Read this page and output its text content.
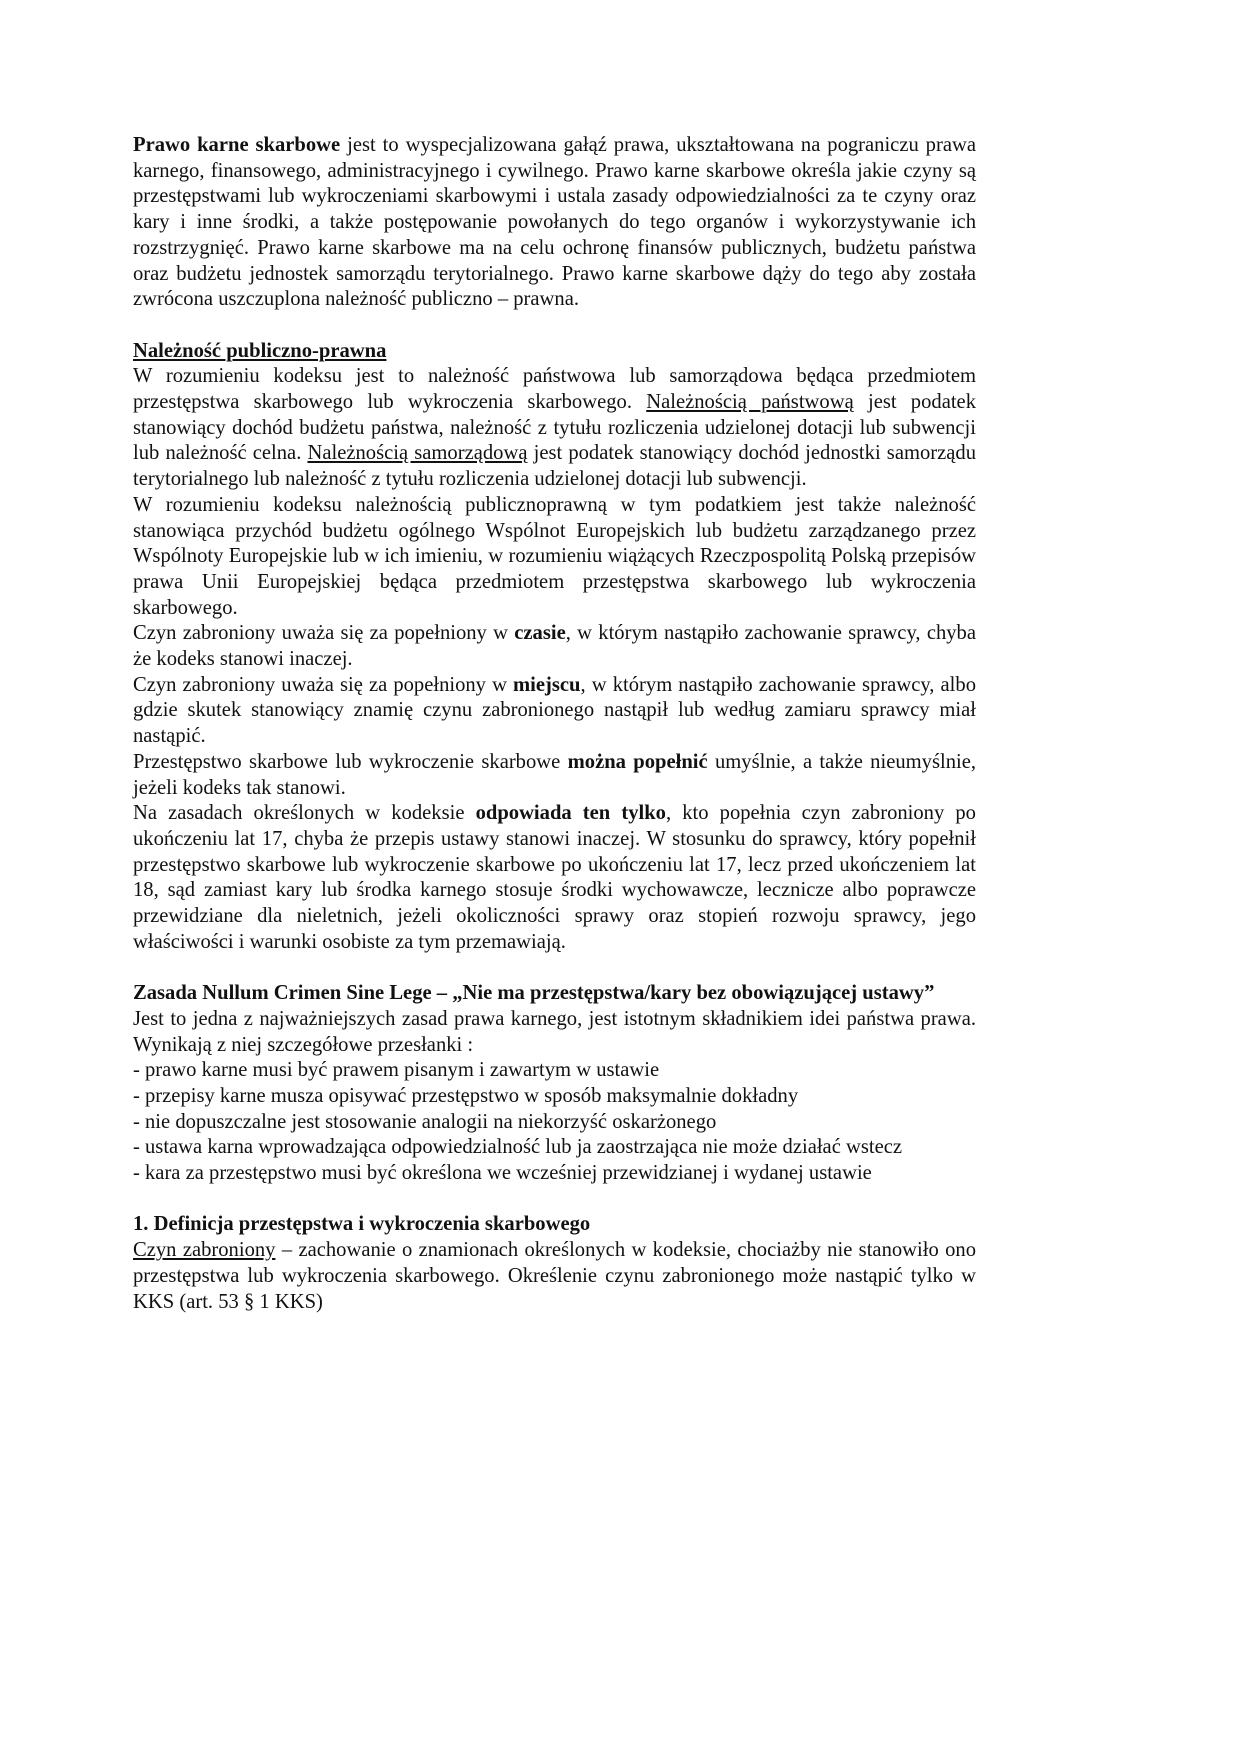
Prawo karne skarbowe jest to wyspecjalizowana gałąź prawa, ukształtowana na pograniczu prawa karnego, finansowego, administracyjnego i cywilnego. Prawo karne skarbowe określa jakie czyny są przestępstwami lub wykroczeniami skarbowymi i ustala zasady odpowiedzialności za te czyny oraz kary i inne środki, a także postępowanie powołanych do tego organów i wykorzystywanie ich rozstrzygnięć. Prawo karne skarbowe ma na celu ochronę finansów publicznych, budżetu państwa oraz budżetu jednostek samorządu terytorialnego. Prawo karne skarbowe dąży do tego aby została zwrócona uszczuplona należność publiczno – prawna.

Należność publiczno-prawna

W rozumieniu kodeksu jest to należność państwowa lub samorządowa będąca przedmiotem przestępstwa skarbowego lub wykroczenia skarbowego. Należnością państwową jest podatek stanowiący dochód budżetu państwa, należność z tytułu rozliczenia udzielonej dotacji lub subwencji lub należność celna. Należnością samorządową jest podatek stanowiący dochód jednostki samorządu terytorialnego lub należność z tytułu rozliczenia udzielonej dotacji lub subwencji.

W rozumieniu kodeksu należnością publicznoprawną w tym podatkiem jest także należność stanowiąca przychód budżetu ogólnego Wspólnot Europejskich lub budżetu zarządzanego przez Wspólnoty Europejskie lub w ich imieniu, w rozumieniu wiążących Rzeczpospolitą Polską przepisów prawa Unii Europejskiej będąca przedmiotem przestępstwa skarbowego lub wykroczenia skarbowego.

Czyn zabroniony uważa się za popełniony w czasie, w którym nastąpiło zachowanie sprawcy, chyba że kodeks stanowi inaczej.

Czyn zabroniony uważa się za popełniony w miejscu, w którym nastąpiło zachowanie sprawcy, albo gdzie skutek stanowiący znamię czynu zabronionego nastąpił lub według zamiaru sprawcy miał nastąpić.

Przestępstwo skarbowe lub wykroczenie skarbowe można popełnić umyślnie, a także nieumyślnie, jeżeli kodeks tak stanowi.

Na zasadach określonych w kodeksie odpowiada ten tylko, kto popełnia czyn zabroniony po ukończeniu lat 17, chyba że przepis ustawy stanowi inaczej. W stosunku do sprawcy, który popełnił przestępstwo skarbowe lub wykroczenie skarbowe po ukończeniu lat 17, lecz przed ukończeniem lat 18, sąd zamiast kary lub środka karnego stosuje środki wychowawcze, lecznicze albo poprawcze przewidziane dla nieletnich, jeżeli okoliczności sprawy oraz stopień rozwoju sprawcy, jego właściwości i warunki osobiste za tym przemawiają.

Zasada Nullum Crimen Sine Lege – „Nie ma przestępstwa/kary bez obowiązującej ustawy”

Jest to jedna z najważniejszych zasad prawa karnego, jest istotnym składnikiem idei państwa prawa. Wynikają z niej szczegółowe przesłanki :

- prawo karne musi być prawem pisanym i zawartym w ustawie

- przepisy karne musza opisywać przestępstwo w sposób maksymalnie dokładny

- nie dopuszczalne jest stosowanie analogii na niekorzyść oskarżonego

- ustawa karna wprowadzająca odpowiedzialność lub ja zaostrzająca nie może działać wstecz

- kara za przestępstwo musi być określona we wcześniej przewidzianej i wydanej ustawie

1. Definicja przestępstwa i wykroczenia skarbowego

Czyn zabroniony – zachowanie o znamionach określonych w kodeksie, chociażby nie stanowiło ono przestępstwa lub wykroczenia skarbowego. Określenie czynu zabronionego może nastąpić tylko w KKS (art. 53 § 1 KKS)
